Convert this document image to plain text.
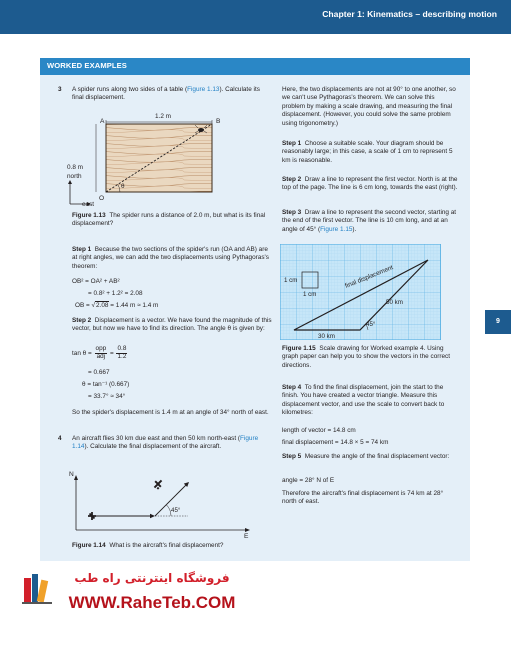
Chapter 1: Kinematics – describing motion
WORKED EXAMPLES
9
3 A spider runs along two sides of a table (Figure 1.13). Calculate its final displacement.
0.8 m
1.2 m
θ
A	B
O
north
east
Figure 1.13 The spider runs a distance of 2.0 m, but what is its final displacement?
Step 1 Because the two sections of the spider's run (OA and AB) are at right angles, we can add the two displacements using Pythagoras's theorem:
OB² = OA² + AB²
= 0.8² + 1.2² = 2.08
OB = √2.08 = 1.44 m ≈ 1.4 m
Step 2 Displacement is a vector. We have found the magnitude of this vector, but now we have to find its direction. The angle θ is given by:
$\tan \theta = \frac{\text{opp}}{\text{adj}} = \frac{0.8}{1.2}$
= 0.667
θ = tan⁻¹ (0.667)
= 33.7° ≈ 34°
So the spider's displacement is 1.4 m at an angle of 34° north of east.
4 An aircraft flies 30 km due east and then 50 km north-east (Figure 1.14). Calculate the final displacement of the aircraft.
N
E
45°
Figure 1.14 What is the aircraft's final displacement?
Here, the two displacements are not at 90° to one another, so we can't use Pythagoras's theorem. We can solve this problem by making a scale drawing, and measuring the final displacement. (However, you could solve the same problem using trigonometry.)
Step 1 Choose a suitable scale. Your diagram should be reasonably large; in this case, a scale of 1 cm to represent 5 km is reasonable.
Step 2 Draw a line to represent the first vector. North is at the top of the page. The line is 6 cm long, towards the east (right).
Step 3 Draw a line to represent the second vector, starting at the end of the first vector. The line is 10 cm long, and at an angle of 45° (Figure 1.15).
45°
30 km
50 km
final displacement
1 cm
1 cm
Figure 1.15 Scale drawing for Worked example 4. Using graph paper can help you to show the vectors in the correct directions.
Step 4 To find the final displacement, join the start to the finish. You have created a vector triangle. Measure this displacement vector, and use the scale to convert back to kilometres:
length of vector = 14.8 cm
final displacement = 14.8 × 5 = 74 km
Step 5 Measure the angle of the final displacement vector:
angle = 28° N of E
Therefore the aircraft's final displacement is 74 km at 28° north of east.
فروشگاه اینترنتی راه طب
WWW.RaheTeb.COM
